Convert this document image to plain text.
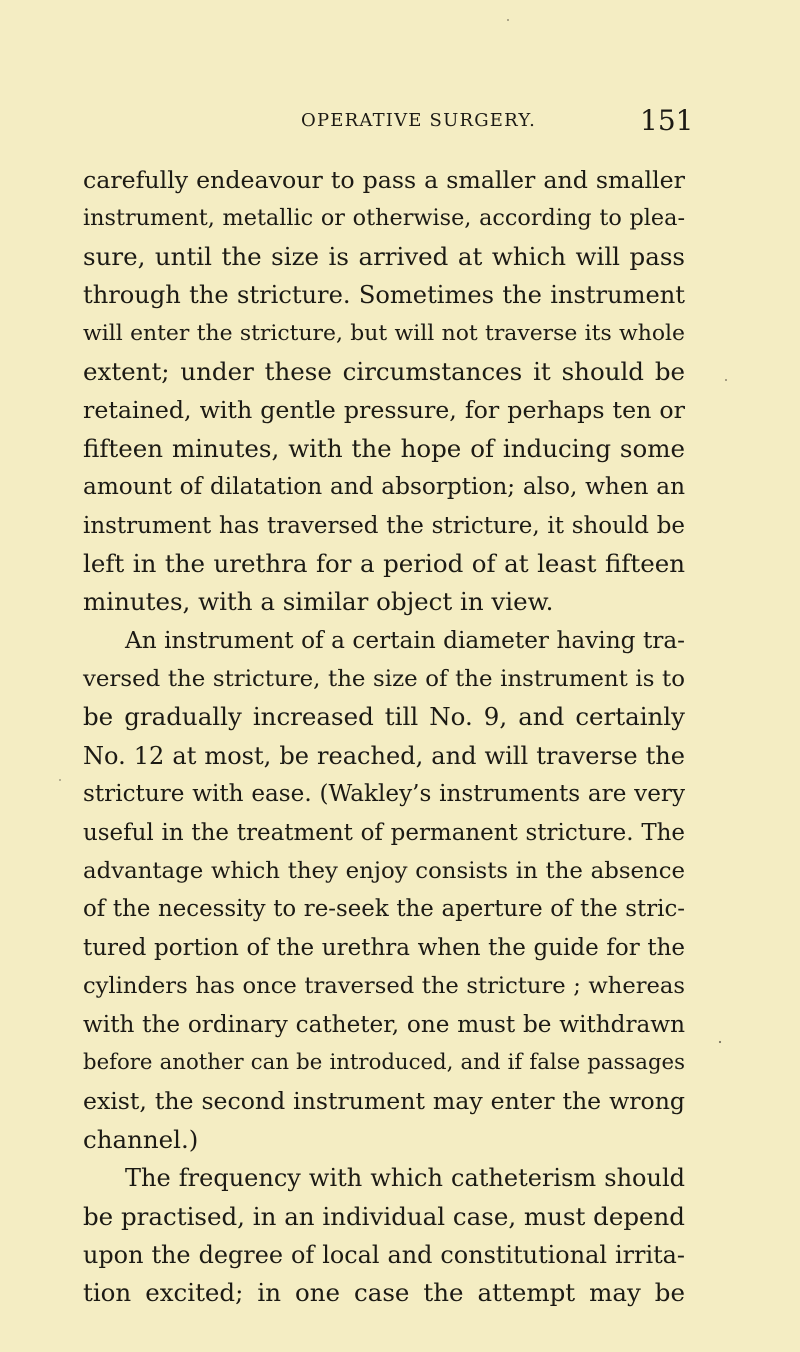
OPERATIVE SURGERY.	151
carefully endeavour to pass a smaller and smaller
instrument, metallic or otherwise, according to plea-
sure, until the size is arrived at which will pass
through the stricture. Sometimes the instrument
will enter the stricture, but will not traverse its whole
extent; under these circumstances it should be
retained, with gentle pressure, for perhaps ten or
fifteen minutes, with the hope of inducing some
amount of dilatation and absorption; also, when an
instrument has traversed the stricture, it should be
left in the urethra for a period of at least fifteen
minutes, with a similar object in view.
An instrument of a certain diameter having tra-
versed the stricture, the size of the instrument is to
be gradually increased till No. 9, and certainly
No. 12 at most, be reached, and will traverse the
stricture with ease. (Wakley’s instruments are very
useful in the treatment of permanent stricture. The
advantage which they enjoy consists in the absence
of the necessity to re-seek the aperture of the stric-
tured portion of the urethra when the guide for the
cylinders has once traversed the stricture ; whereas
with the ordinary catheter, one must be withdrawn
before another can be introduced, and if false passages
exist, the second instrument may enter the wrong
channel.)
The frequency with which catheterism should
be practised, in an individual case, must depend
upon the degree of local and constitutional irrita-
tion excited; in one case the attempt may be
